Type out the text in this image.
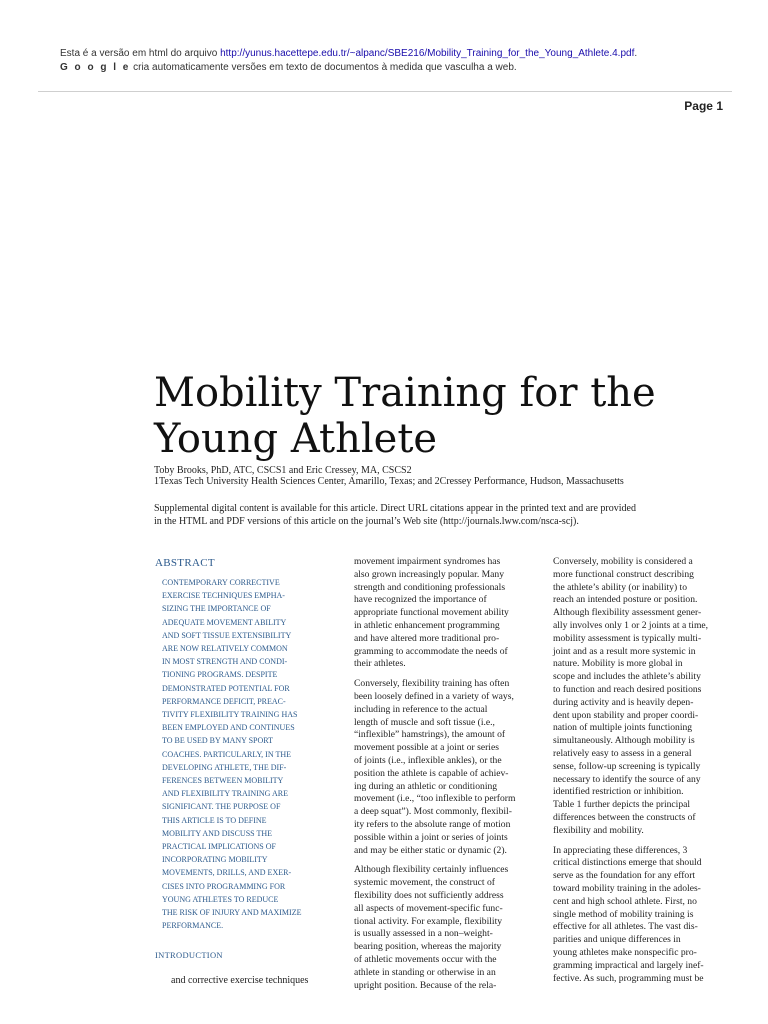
Esta é a versão em html do arquivo http://yunus.hacettepe.edu.tr/~alpanc/SBE216/Mobility_Training_for_the_Young_Athlete.4.pdf.
G o o g l e cria automaticamente versões em texto de documentos à medida que vasculha a web.
Page 1
Mobility Training for the
Young Athlete
Toby Brooks, PhD, ATC, CSCS1 and Eric Cressey, MA, CSCS2
1Texas Tech University Health Sciences Center, Amarillo, Texas; and 2Cressey Performance, Hudson, Massachusetts
Supplemental digital content is available for this article. Direct URL citations appear in the printed text and are provided
in the HTML and PDF versions of this article on the journal’s Web site (http://journals.lww.com/nsca-scj).
ABSTRACT
CONTEMPORARY CORRECTIVE
EXERCISE TECHNIQUES EMPHA-
SIZING THE IMPORTANCE OF
ADEQUATE MOVEMENT ABILITY
AND SOFT TISSUE EXTENSIBILITY
ARE NOW RELATIVELY COMMON
IN MOST STRENGTH AND CONDI-
TIONING PROGRAMS. DESPITE
DEMONSTRATED POTENTIAL FOR
PERFORMANCE DEFICIT, PREAC-
TIVITY FLEXIBILITY TRAINING HAS
BEEN EMPLOYED AND CONTINUES
TO BE USED BY MANY SPORT
COACHES. PARTICULARLY, IN THE
DEVELOPING ATHLETE, THE DIF-
FERENCES BETWEEN MOBILITY
AND FLEXIBILITY TRAINING ARE
SIGNIFICANT. THE PURPOSE OF
THIS ARTICLE IS TO DEFINE
MOBILITY AND DISCUSS THE
PRACTICAL IMPLICATIONS OF
INCORPORATING MOBILITY
MOVEMENTS, DRILLS, AND EXER-
CISES INTO PROGRAMMING FOR
YOUNG ATHLETES TO REDUCE
THE RISK OF INJURY AND MAXIMIZE
PERFORMANCE.
INTRODUCTION
and corrective exercise techniques

movement impairment syndromes has
also grown increasingly popular. Many
strength and conditioning professionals
have recognized the importance of
appropriate functional movement ability
in athletic enhancement programming
and have altered more traditional pro-
gramming to accommodate the needs of
their athletes.

Conversely, flexibility training has often
been loosely defined in a variety of ways,
including in reference to the actual
length of muscle and soft tissue (i.e.,
“inflexible” hamstrings), the amount of
movement possible at a joint or series
of joints (i.e., inflexible ankles), or the
position the athlete is capable of achiev-
ing during an athletic or conditioning
movement (i.e., “too inflexible to perform
a deep squat”). Most commonly, flexibil-
ity refers to the absolute range of motion
possible within a joint or series of joints
and may be either static or dynamic (2).

Although flexibility certainly influences
systemic movement, the construct of
flexibility does not sufficiently address
all aspects of movement-specific func-
tional activity. For example, flexibility
is usually assessed in a non–weight-
bearing position, whereas the majority
of athletic movements occur with the
athlete in standing or otherwise in an
upright position. Because of the rela-

Conversely, mobility is considered a
more functional construct describing
the athlete’s ability (or inability) to
reach an intended posture or position.
Although flexibility assessment gener-
ally involves only 1 or 2 joints at a time,
mobility assessment is typically multi-
joint and as a result more systemic in
nature. Mobility is more global in
scope and includes the athlete’s ability
to function and reach desired positions
during activity and is heavily depen-
dent upon stability and proper coordi-
nation of multiple joints functioning
simultaneously. Although mobility is
relatively easy to assess in a general
sense, follow-up screening is typically
necessary to identify the source of any
identified restriction or inhibition.
Table 1 further depicts the principal
differences between the constructs of
flexibility and mobility.

In appreciating these differences, 3
critical distinctions emerge that should
serve as the foundation for any effort
toward mobility training in the adoles-
cent and high school athlete. First, no
single method of mobility training is
effective for all athletes. The vast dis-
parities and unique differences in
young athletes make nonspecific pro-
gramming impractical and largely inef-
fective. As such, programming must be
